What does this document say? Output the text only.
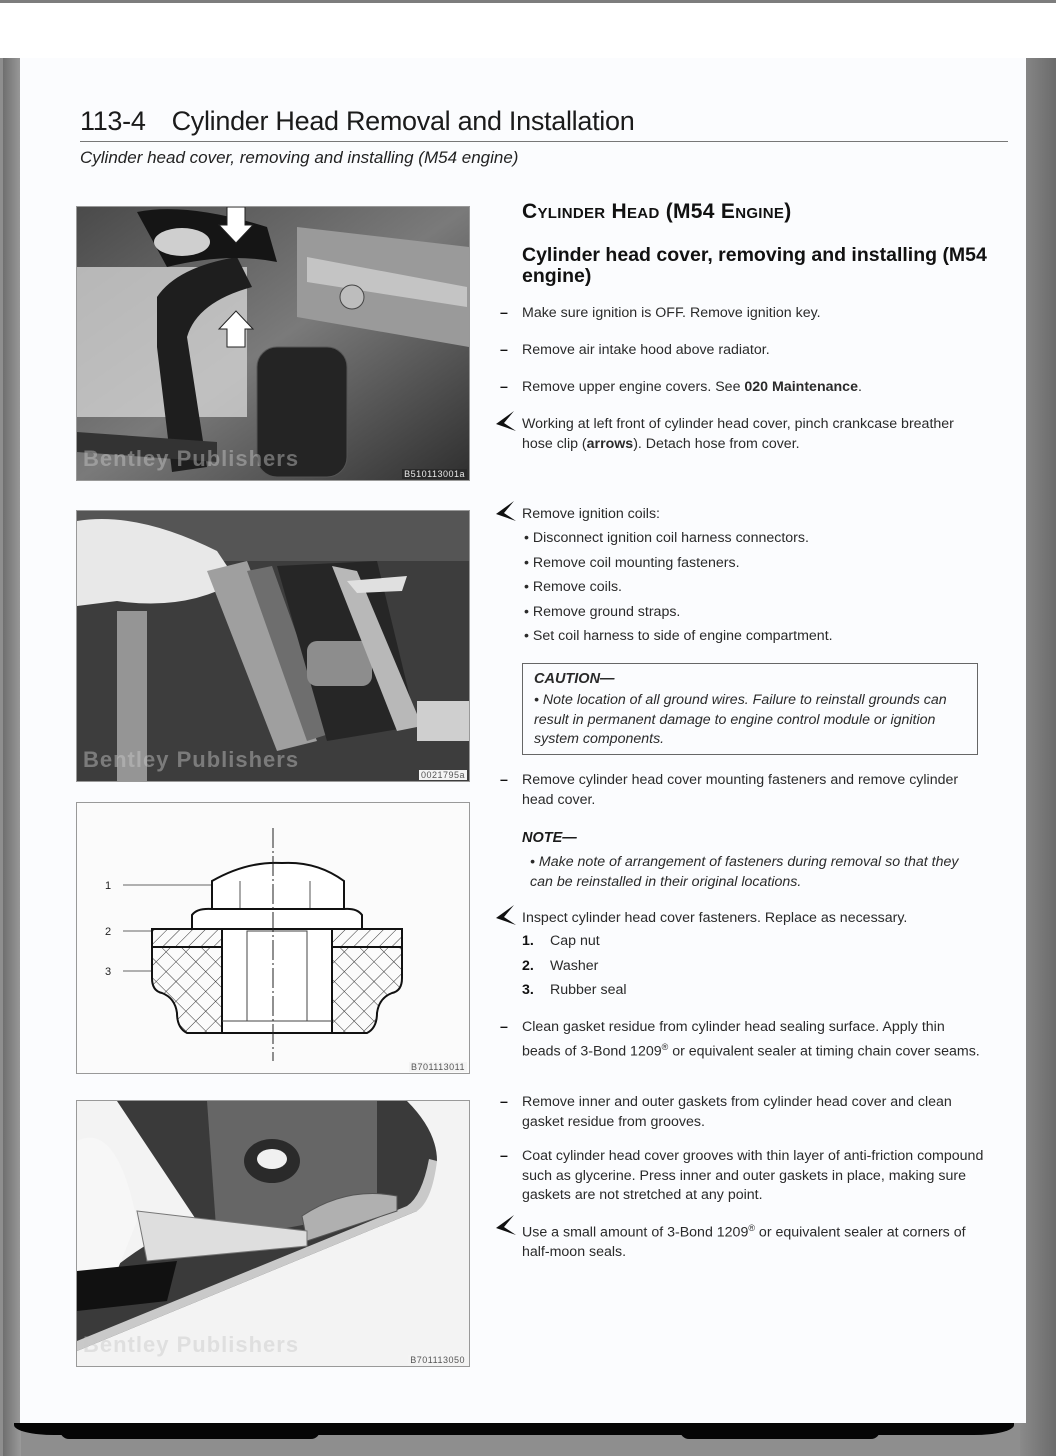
113-4 Cylinder Head Removal and Installation
Cylinder head cover, removing and installing (M54 engine)
Bentley Publishers
B510113001a
Bentley Publishers
0021795a
1
2
3
B701113011
Bentley Publishers
B701113050
Cylinder Head (M54 Engine)
Cylinder head cover, removing and installing (M54 engine)
– Make sure ignition is OFF. Remove ignition key.
– Remove air intake hood above radiator.
– Remove upper engine covers. See 020 Maintenance.
Working at left front of cylinder head cover, pinch crankcase breather hose clip (arrows). Detach hose from cover.
Remove ignition coils:
• Disconnect ignition coil harness connectors.
• Remove coil mounting fasteners.
• Remove coils.
• Remove ground straps.
• Set coil harness to side of engine compartment.
CAUTION—
• Note location of all ground wires. Failure to reinstall grounds can result in permanent damage to engine control module or ignition system components.
– Remove cylinder head cover mounting fasteners and remove cylinder head cover.
NOTE—
• Make note of arrangement of fasteners during removal so that they can be reinstalled in their original locations.
Inspect cylinder head cover fasteners. Replace as necessary.
1. Cap nut
2. Washer
3. Rubber seal
– Clean gasket residue from cylinder head sealing surface. Apply thin beads of 3-Bond 1209® or equivalent sealer at timing chain cover seams.
– Remove inner and outer gaskets from cylinder head cover and clean gasket residue from grooves.
– Coat cylinder head cover grooves with thin layer of anti-friction compound such as glycerine. Press inner and outer gaskets in place, making sure gaskets are not stretched at any point.
Use a small amount of 3-Bond 1209® or equivalent sealer at corners of half-moon seals.
